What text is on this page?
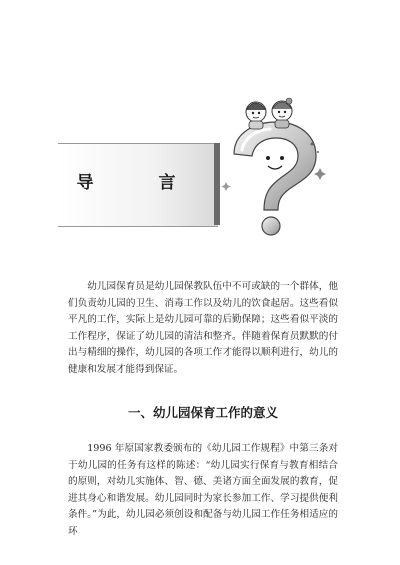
导　言

幼儿园保育员是幼儿园保教队伍中不可或缺的一个群体，他们负责幼儿园的卫生、消毒工作以及幼儿的饮食起居。这些看似平凡的工作，实际上是幼儿园可靠的后勤保障；这些看似平淡的工作程序，保证了幼儿园的清洁和整齐。伴随着保育员默默的付出与精细的操作，幼儿园的各项工作才能得以顺利进行，幼儿的健康和发展才能得到保证。

一、幼儿园保育工作的意义

1996 年原国家教委颁布的《幼儿园工作规程》中第三条对于幼儿园的任务有这样的陈述：“幼儿园实行保育与教育相结合的原则，对幼儿实施体、智、德、美诸方面全面发展的教育，促进其身心和谐发展。幼儿园同时为家长参加工作、学习提供便利条件。”为此，幼儿园必须创设和配备与幼儿园工作任务相适应的环
